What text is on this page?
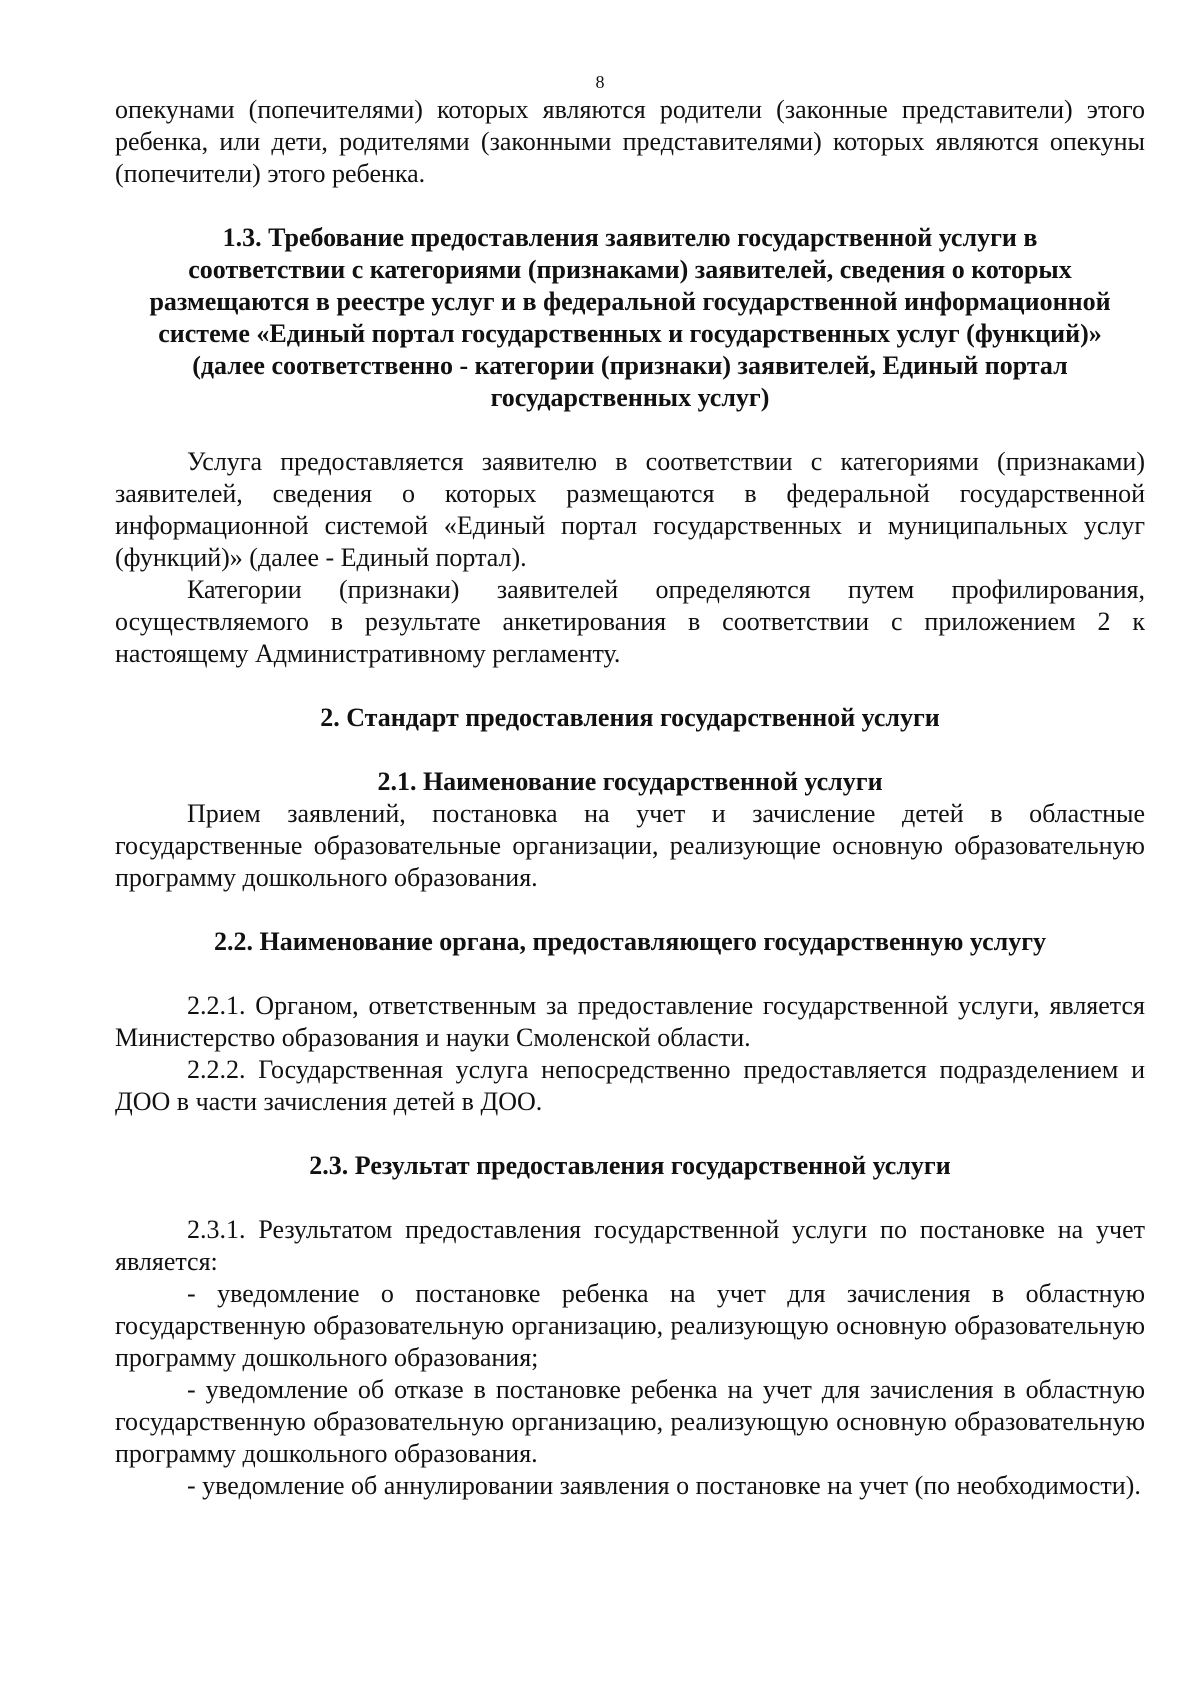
8

опекунами (попечителями) которых являются родители (законные представители) этого ребенка, или дети, родителями (законными представителями) которых являются опекуны (попечители) этого ребенка.

1.3. Требование предоставления заявителю государственной услуги в соответствии с категориями (признаками) заявителей, сведения о которых размещаются в реестре услуг и в федеральной государственной информационной системе «Единый портал государственных и государственных услуг (функций)» (далее соответственно - категории (признаки) заявителей, Единый портал государственных услуг)

Услуга предоставляется заявителю в соответствии с категориями (признаками) заявителей, сведения о которых размещаются в федеральной государственной информационной системой «Единый портал государственных и муниципальных услуг (функций)» (далее - Единый портал).

Категории (признаки) заявителей определяются путем профилирования, осуществляемого в результате анкетирования в соответствии с приложением 2 к настоящему Административному регламенту.

2. Стандарт предоставления государственной услуги
2.1. Наименование государственной услуги

Прием заявлений, постановка на учет и зачисление детей в областные государственные образовательные организации, реализующие основную образовательную программу дошкольного образования.

2.2. Наименование органа, предоставляющего государственную услугу

2.2.1. Органом, ответственным за предоставление государственной услуги, является Министерство образования и науки Смоленской области.

2.2.2. Государственная услуга непосредственно предоставляется подразделением и ДОО в части зачисления детей в ДОО.

2.3. Результат предоставления государственной услуги

2.3.1. Результатом предоставления государственной услуги по постановке на учет является:

- уведомление о постановке ребенка на учет для зачисления в областную государственную образовательную организацию, реализующую основную образовательную программу дошкольного образования;

- уведомление об отказе в постановке ребенка на учет для зачисления в областную государственную образовательную организацию, реализующую основную образовательную программу дошкольного образования.

- уведомление об аннулировании заявления о постановке на учет (по необходимости).
